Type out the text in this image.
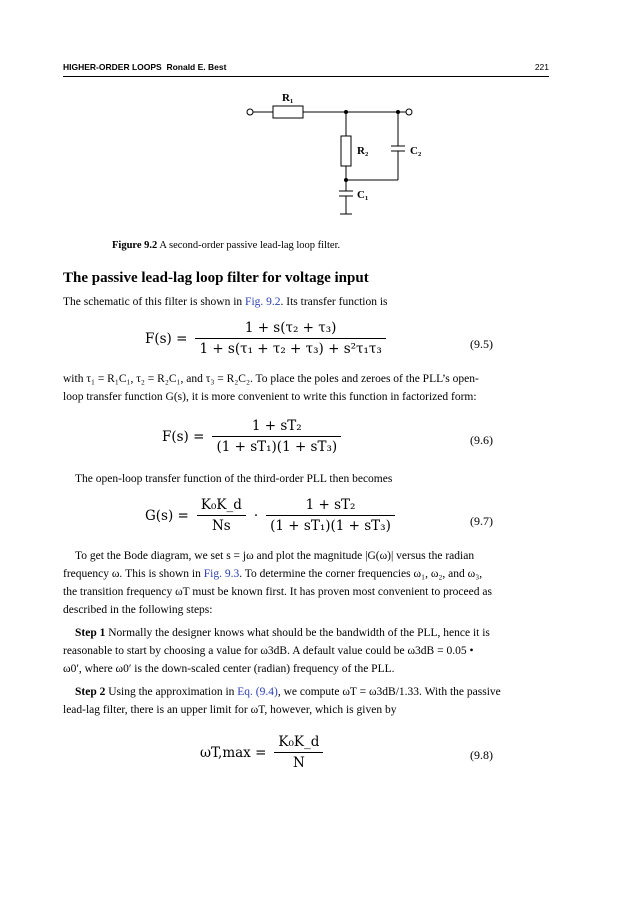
HIGHER-ORDER LOOPS Ronald E. Best	221
R₁
R₂	C₂
C₁
Figure 9.2 A second-order passive lead-lag loop filter.
The passive lead-lag loop filter for voltage input
The schematic of this filter is shown in Fig. 9.2. Its transfer function is
$F(s) = \frac{\text{1 + s(τ₂ + τ₃)}}{\text{1 + s(τ₁ + τ₂ + τ₃) + s²τ₁τ₃}}$	(9.5)
with τ₁ = R₁C₁, τ₂ = R₂C₁, and τ₃ = R₂C₂. To place the poles and zeroes of the PLL’s open-
loop transfer function G(s), it is more convenient to write this function in factorized form:
$F(s) = \frac{\text{1 + sT₂}}{\text{(1 + sT₁)(1 + sT₃)}}$	(9.6)
The open-loop transfer function of the third-order PLL then becomes
$G(s) = \frac{\text{K₀K\_d}}{Ns} \cdot \frac{\text{1 + sT₂}}{\text{(1 + sT₁)(1 + sT₃)}}$	(9.7)
To get the Bode diagram, we set s = jω and plot the magnitude |G(ω)| versus the radian
frequency ω. This is shown in Fig. 9.3. To determine the corner frequencies ω₁, ω₂, and ω₃,
the transition frequency ωT must be known first. It has proven most convenient to proceed as
described in the following steps:
Step 1 Normally the designer knows what should be the bandwidth of the PLL, hence it is
reasonable to start by choosing a value for ω3dB. A default value could be ω3dB = 0.05 •
ω0′, where ω0′ is the down-scaled center (radian) frequency of the PLL.
Step 2 Using the approximation in Eq. (9.4), we compute ωT = ω3dB/1.33. With the passive
lead-lag filter, there is an upper limit for ωT, however, which is given by
$\omega T,\max = \frac{\text{K₀K\_d}}{N}$	(9.8)
